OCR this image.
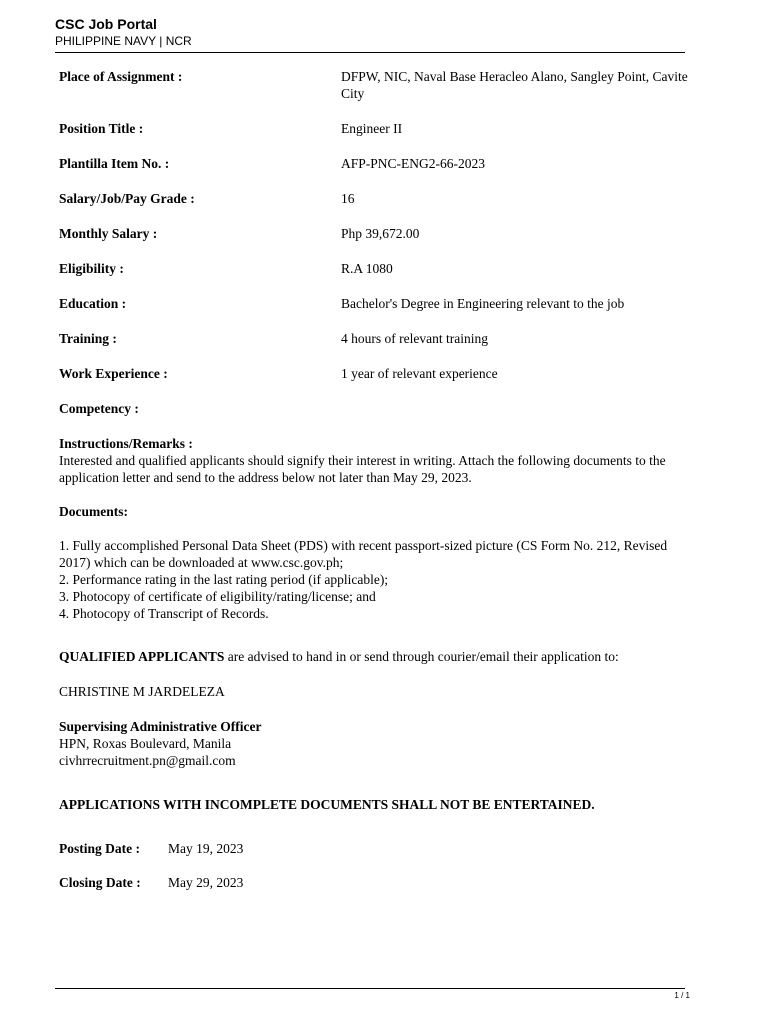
CSC Job Portal
PHILIPPINE NAVY | NCR
Place of Assignment :	DFPW, NIC, Naval Base Heracleo Alano, Sangley Point, Cavite City
Position Title :	Engineer II
Plantilla Item No. :	AFP-PNC-ENG2-66-2023
Salary/Job/Pay Grade :	16
Monthly Salary :	Php 39,672.00
Eligibility :	R.A 1080
Education :	Bachelor's Degree in Engineering relevant to the job
Training :	4 hours of relevant training
Work Experience :	1 year of relevant experience
Competency :
Instructions/Remarks :

Interested and qualified applicants should signify their interest in writing. Attach the following documents to the application letter and send to the address below not later than May 29, 2023.

Documents:

1. Fully accomplished Personal Data Sheet (PDS) with recent passport-sized picture (CS Form No. 212, Revised 2017) which can be downloaded at www.csc.gov.ph;

2. Performance rating in the last rating period (if applicable);

3. Photocopy of certificate of eligibility/rating/license; and

4. Photocopy of Transcript of Records.

QUALIFIED APPLICANTS are advised to hand in or send through courier/email their application to:
CHRISTINE M JARDELEZA
Supervising Administrative Officer
HPN, Roxas Boulevard, Manila
civhrrecruitment.pn@gmail.com
APPLICATIONS WITH INCOMPLETE DOCUMENTS SHALL NOT BE ENTERTAINED.
Posting Date :	May 19, 2023
Closing Date :	May 29, 2023
1 / 1
